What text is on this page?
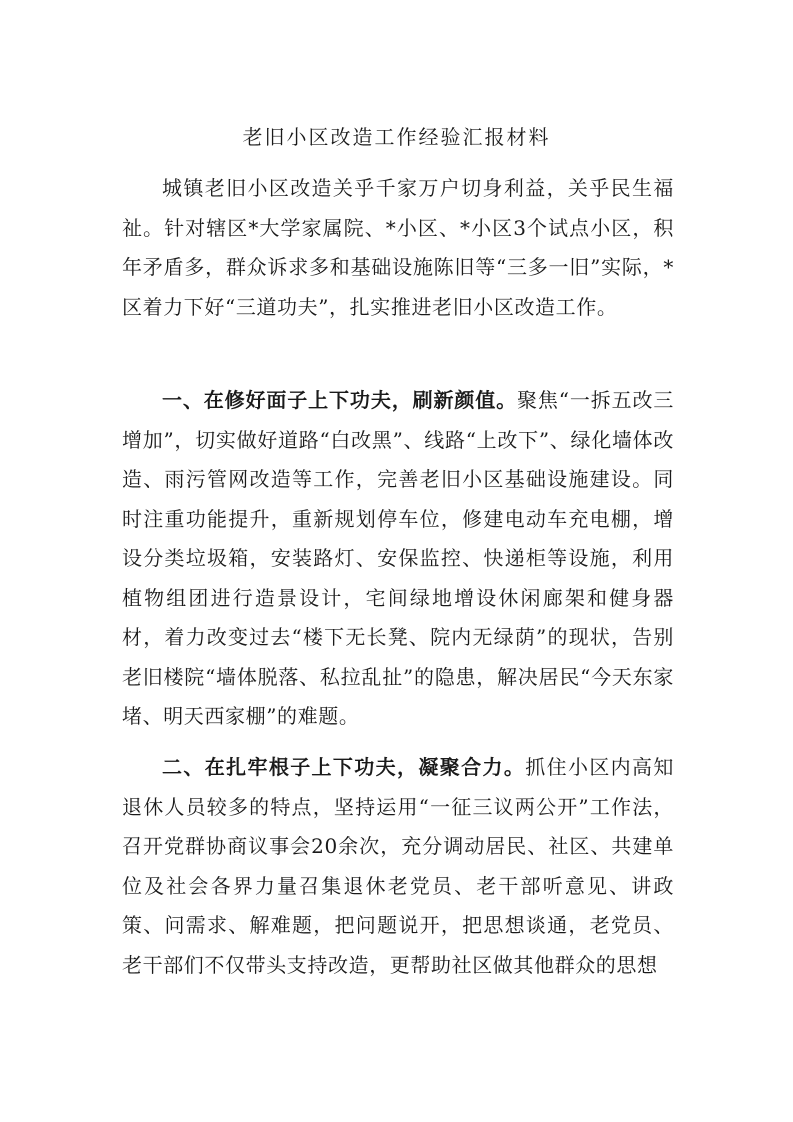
老旧小区改造工作经验汇报材料

城镇老旧小区改造关乎千家万户切身利益，关乎民生福祉。针对辖区*大学家属院、*小区、*小区3个试点小区，积年矛盾多，群众诉求多和基础设施陈旧等“三多一旧”实际，*区着力下好“三道功夫”，扎实推进老旧小区改造工作。

一、在修好面子上下功夫，刷新颜值。聚焦“一拆五改三增加”，切实做好道路“白改黑”、线路“上改下”、绿化墙体改造、雨污管网改造等工作，完善老旧小区基础设施建设。同时注重功能提升，重新规划停车位，修建电动车充电棚，增设分类垃圾箱，安装路灯、安保监控、快递柜等设施，利用植物组团进行造景设计，宅间绿地增设休闲廊架和健身器材，着力改变过去“楼下无长凳、院内无绿荫”的现状，告别老旧楼院“墙体脱落、私拉乱扯”的隐患，解决居民“今天东家堵、明天西家棚”的难题。

二、在扎牢根子上下功夫，凝聚合力。抓住小区内高知退休人员较多的特点，坚持运用“一征三议两公开”工作法，召开党群协商议事会20余次，充分调动居民、社区、共建单位及社会各界力量召集退休老党员、老干部听意见、讲政策、问需求、解难题，把问题说开，把思想谈通，老党员、老干部们不仅带头支持改造，更帮助社区做其他群众的思想
